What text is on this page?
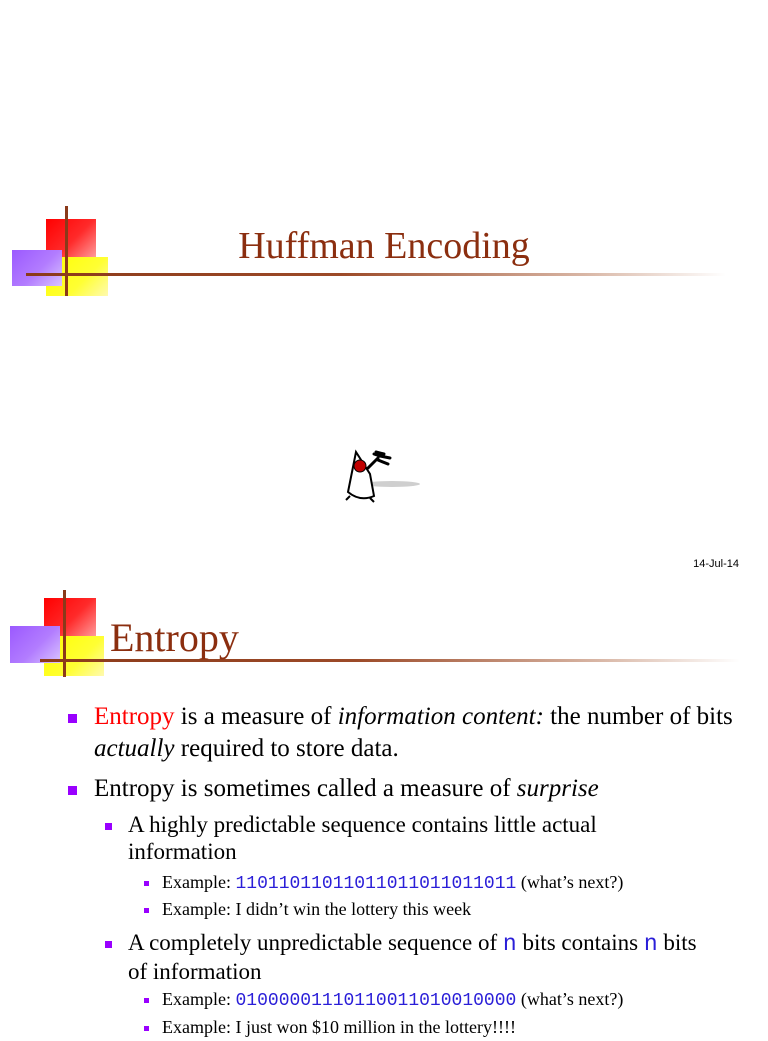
Huffman Encoding
14-Jul-14
Entropy
Entropy is a measure of information content: the number of bits actually required to store data.
Entropy is sometimes called a measure of surprise
A highly predictable sequence contains little actual information
Example: 11011011011011011011011011 (what’s next?)
Example: I didn’t win the lottery this week
A completely unpredictable sequence of n bits contains n bits of information
Example: 01000001110110011010010000 (what’s next?)
Example: I just won $10 million in the lottery!!!!
